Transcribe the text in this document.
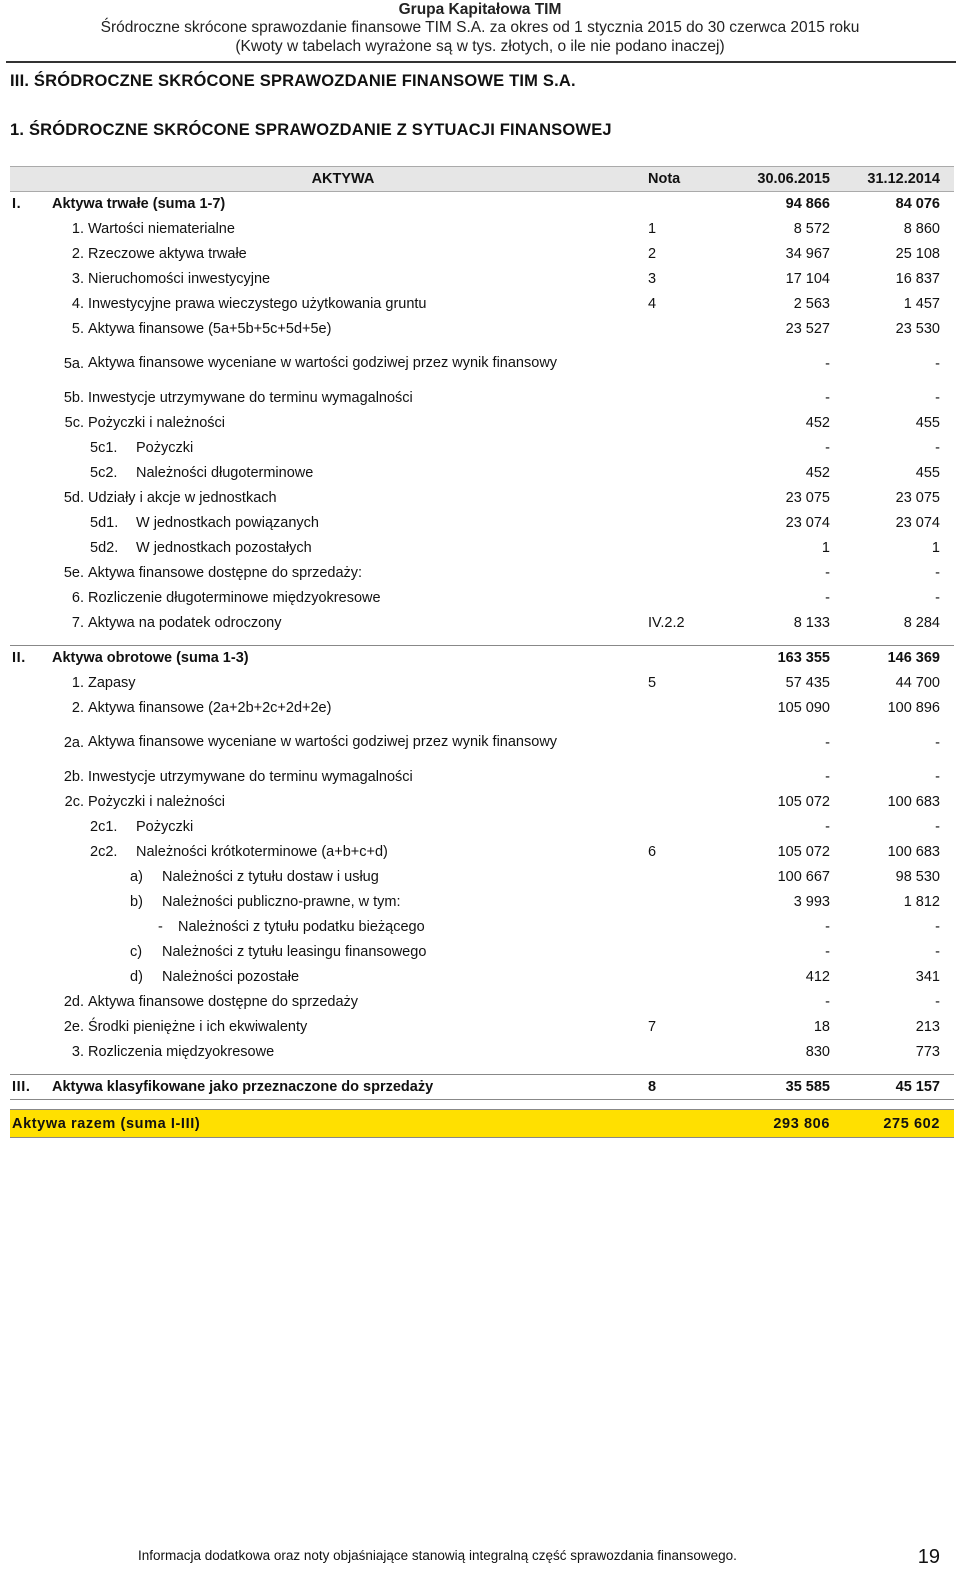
Grupa Kapitałowa TIM
Śródroczne skrócone sprawozdanie finansowe TIM S.A. za okres od 1 stycznia 2015 do 30 czerwca 2015 roku
(Kwoty w tabelach wyrażone są w tys. złotych, o ile nie podano inaczej)
III. ŚRÓDROCZNE SKRÓCONE SPRAWOZDANIE FINANSOWE TIM S.A.
1. ŚRÓDROCZNE SKRÓCONE SPRAWOZDANIE Z SYTUACJI FINANSOWEJ
	AKTYWA	Nota	30.06.2015	31.12.2014
I.	Aktywa trwałe (suma 1-7)		94 866	84 076
	1. Wartości niematerialne	1	8 572	8 860
	2. Rzeczowe aktywa trwałe	2	34 967	25 108
	3. Nieruchomości inwestycyjne	3	17 104	16 837
	4. Inwestycyjne prawa wieczystego użytkowania gruntu	4	2 563	1 457
	5. Aktywa finansowe (5a+5b+5c+5d+5e)		23 527	23 530
	5a. Aktywa finansowe wyceniane w wartości godziwej przez wynik finansowy		-	-
	5b. Inwestycje utrzymywane do terminu wymagalności		-	-
	5c. Pożyczki i należności		452	455
	5c1. Pożyczki		-	-
	5c2. Należności długoterminowe		452	455
	5d. Udziały i akcje w jednostkach		23 075	23 075
	5d1. W jednostkach powiązanych		23 074	23 074
	5d2. W jednostkach pozostałych		1	1
	5e. Aktywa finansowe dostępne do sprzedaży:		-	-
	6. Rozliczenie długoterminowe międzyokresowe		-	-
	7. Aktywa na podatek odroczony	IV.2.2	8 133	8 284

II.	Aktywa obrotowe (suma 1-3)		163 355	146 369
	1. Zapasy	5	57 435	44 700
	2. Aktywa finansowe (2a+2b+2c+2d+2e)		105 090	100 896
	2a. Aktywa finansowe wyceniane w wartości godziwej przez wynik finansowy		-	-
	2b. Inwestycje utrzymywane do terminu wymagalności		-	-
	2c. Pożyczki i należności		105 072	100 683
	2c1. Pożyczki		-	-
	2c2. Należności krótkoterminowe (a+b+c+d)	6	105 072	100 683
	a) Należności z tytułu dostaw i usług		100 667	98 530
	b) Należności publiczno-prawne, w tym:		3 993	1 812
	- Należności z tytułu podatku bieżącego		-	-
	c) Należności z tytułu leasingu finansowego		-	-
	d) Należności pozostałe		412	341
	2d. Aktywa finansowe dostępne do sprzedaży		-	-
	2e. Środki pieniężne i ich ekwiwalenty	7	18	213
	3. Rozliczenia międzyokresowe		830	773

III.	Aktywa klasyfikowane jako przeznaczone do sprzedaży	8	35 585	45 157

Aktywa razem (suma I-III)			293 806	275 602
Informacja dodatkowa oraz noty objaśniające stanowią integralną część sprawozdania finansowego.	19
